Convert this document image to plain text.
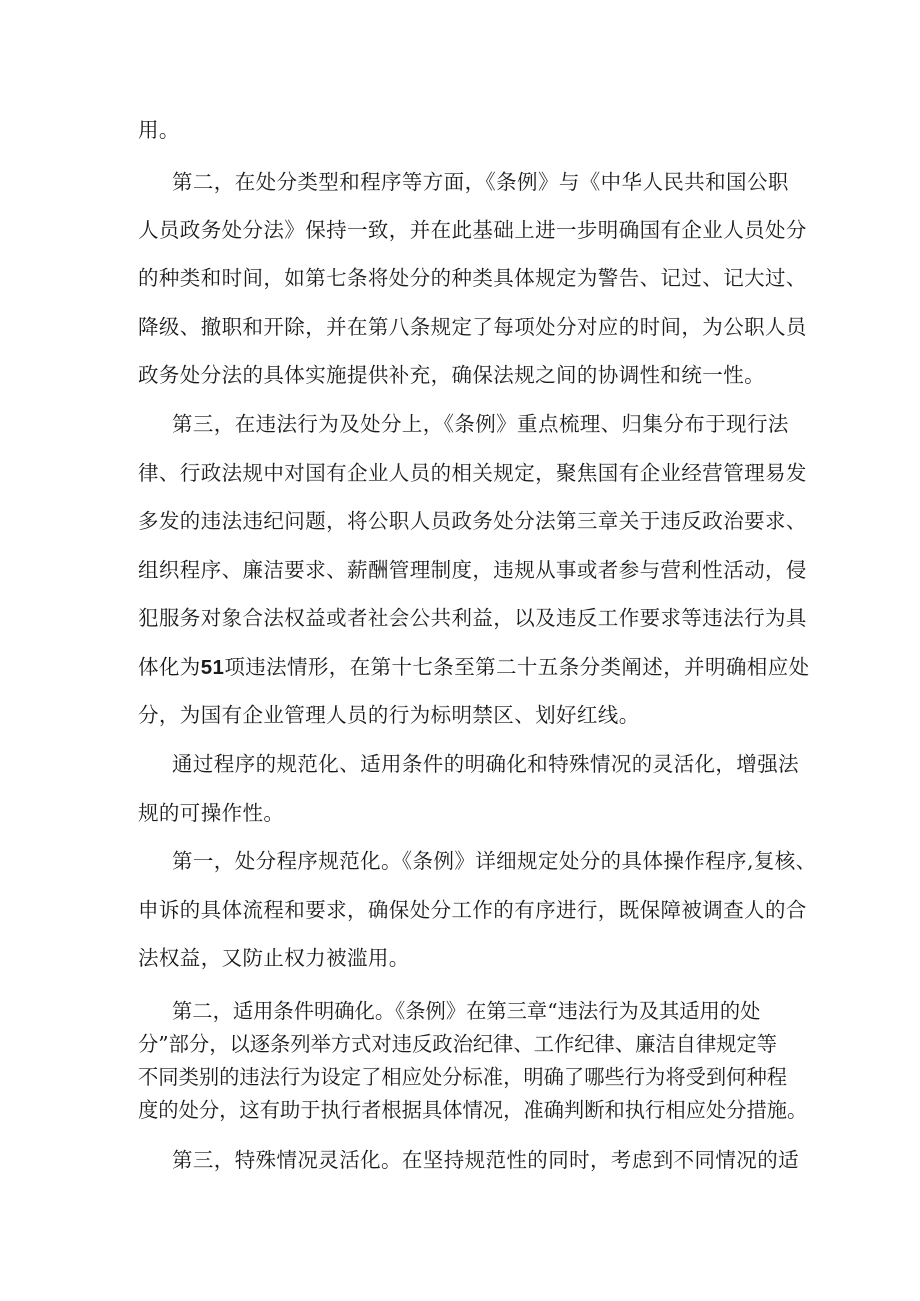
用。
第二，在处分类型和程序等方面，《条例》与《中华人民共和国公职
人员政务处分法》保持一致，并在此基础上进一步明确国有企业人员处分
的种类和时间，如第七条将处分的种类具体规定为警告、记过、记大过、
降级、撤职和开除，并在第八条规定了每项处分对应的时间，为公职人员
政务处分法的具体实施提供补充，确保法规之间的协调性和统一性。
第三，在违法行为及处分上，《条例》重点梳理、归集分布于现行法
律、行政法规中对国有企业人员的相关规定，聚焦国有企业经营管理易发
多发的违法违纪问题，将公职人员政务处分法第三章关于违反政治要求、
组织程序、廉洁要求、薪酬管理制度，违规从事或者参与营利性活动，侵
犯服务对象合法权益或者社会公共利益，以及违反工作要求等违法行为具
体化为51项违法情形，在第十七条至第二十五条分类阐述，并明确相应处
分，为国有企业管理人员的行为标明禁区、划好红线。
通过程序的规范化、适用条件的明确化和特殊情况的灵活化，增强法
规的可操作性。
第一，处分程序规范化。《条例》详细规定处分的具体操作程序,复核、
申诉的具体流程和要求，确保处分工作的有序进行，既保障被调查人的合
法权益，又防止权力被滥用。
第二，适用条件明确化。《条例》在第三章“违法行为及其适用的处
分”部分，以逐条列举方式对违反政治纪律、工作纪律、廉洁自律规定等
不同类别的违法行为设定了相应处分标准，明确了哪些行为将受到何种程
度的处分，这有助于执行者根据具体情况，准确判断和执行相应处分措施。
第三，特殊情况灵活化。在坚持规范性的同时，考虑到不同情况的适
